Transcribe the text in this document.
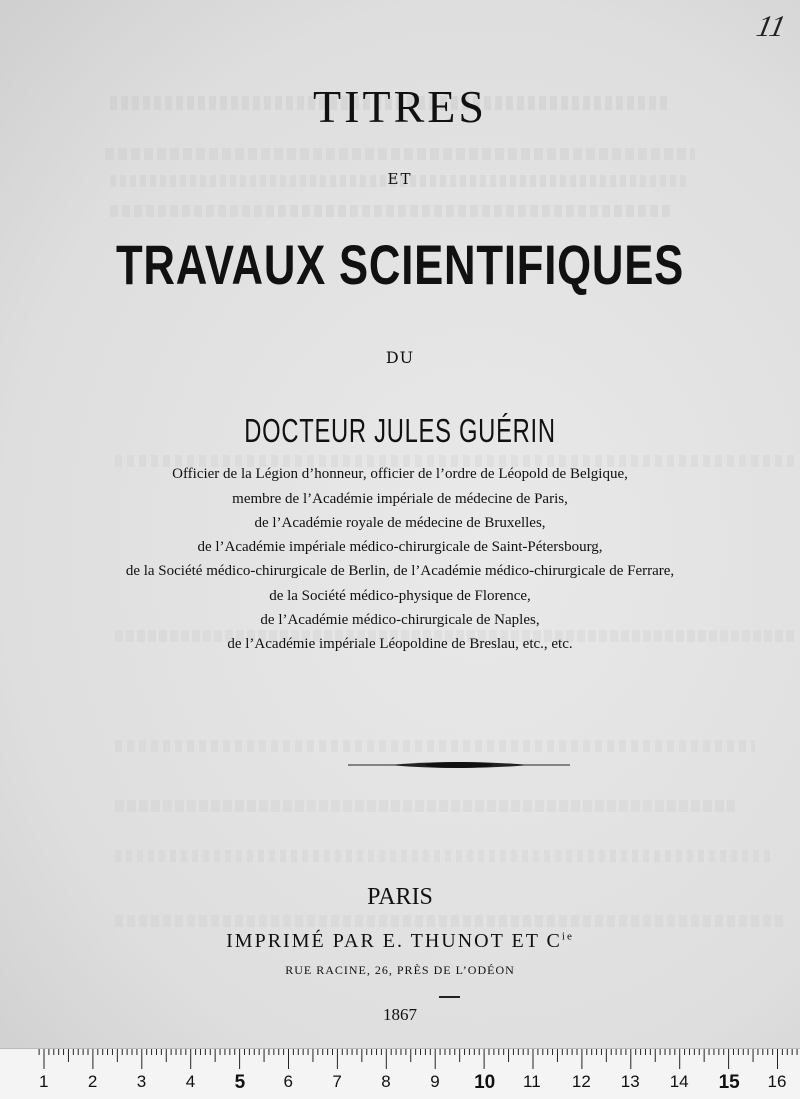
11
TITRES
ET
TRAVAUX SCIENTIFIQUES
DU
DOCTEUR JULES GUÉRIN
Officier de la Légion d’honneur, officier de l’ordre de Léopold de Belgique,
membre de l’Académie impériale de médecine de Paris,
de l’Académie royale de médecine de Bruxelles,
de l’Académie impériale médico-chirurgicale de Saint-Pétersbourg,
de la Société médico-chirurgicale de Berlin, de l’Académie médico-chirurgicale de Ferrare,
de la Société médico-physique de Florence,
de l’Académie médico-chirurgicale de Naples,
de l’Académie impériale Léopoldine de Breslau, etc., etc.
PARIS
IMPRIMÉ PAR E. THUNOT ET $C^{ie}$
RUE RACINE, 26, PRÈS DE L’ODÉON
1867
1 2 3 4 5 6 7 8 9 10 11 12 13 14 15 16
